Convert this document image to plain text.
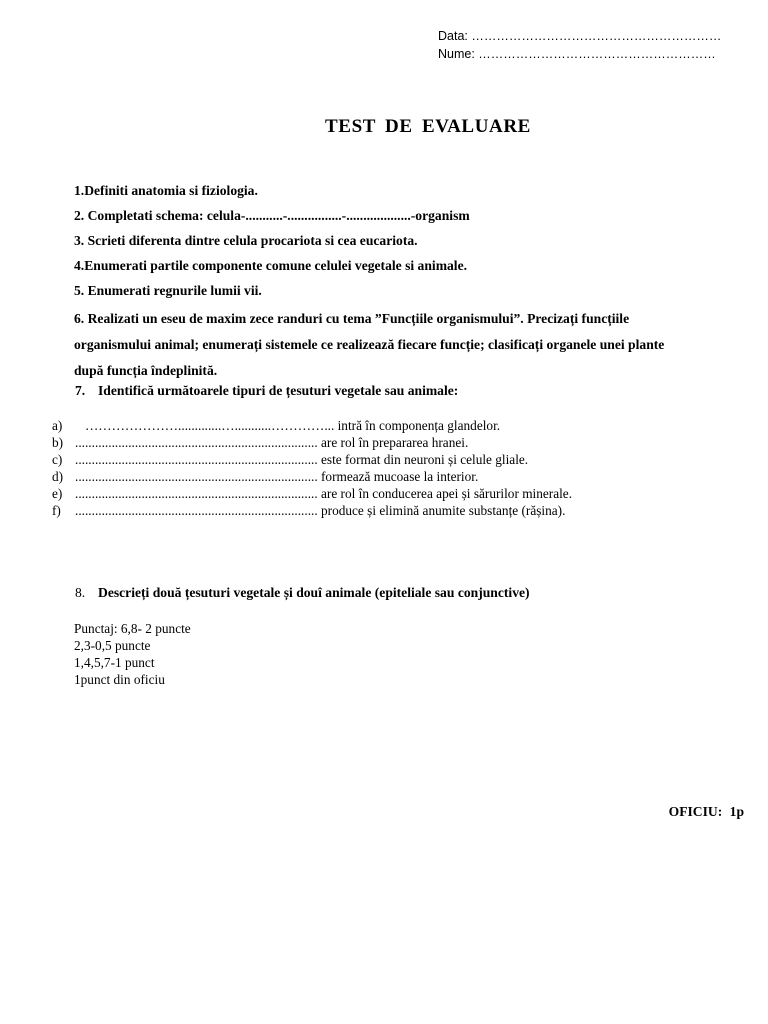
Data: ……………………………………………………
Nume: …………………………………………………
TEST DE EVALUARE
1.Definiti anatomia si fiziologia.
2. Completati schema: celula-...........-................-...................-organism
3. Scrieti diferenta dintre celula procariota si cea eucariota.
4.Enumerati partile componente comune celulei vegetale si animale.
5. Enumerati regnurile lumii vii.
6. Realizati un eseu de maxim zece randuri cu tema ”Funcțiile organismului”. Precizați funcțiile
organismului animal; enumerați sistemele ce realizează fiecare funcție; clasificați organele unei plante
după funcția îndeplinită.
7. Identifică următoarele tipuri de țesuturi vegetale sau animale:
a) ………………….............…...........…………... intră în componența glandelor.
b) ......................................................................... are rol în prepararea hranei.
c) ......................................................................... este format din neuroni și celule gliale.
d) ......................................................................... formează mucoase la interior.
e) ......................................................................... are rol în conducerea apei și sărurilor minerale.
f)	......................................................................... produce și elimină anumite substanțe (rășina).
8. Descrieți două țesuturi vegetale și douî animale (epiteliale sau conjunctive)
Punctaj: 6,8- 2 puncte
2,3-0,5 puncte
1,4,5,7-1 punct
1punct din oficiu
OFICIU: 1p
